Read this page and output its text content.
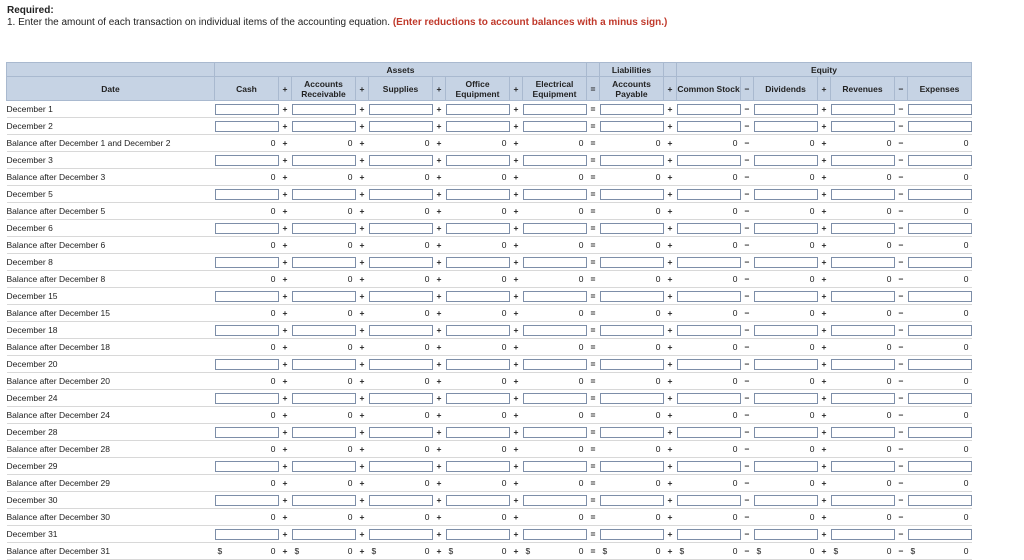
Required:
1. Enter the amount of each transaction on individual items of the accounting equation. (Enter reductions to account balances with a minus sign.)
	Assets										Liabilities		Equity						
Date	Cash	+	Accounts Receivable	+	Supplies	+	Office Equipment	+	Electrical Equipment	=	Accounts Payable	+	Common Stock	−	Dividends	+	Revenues	−	Expenses
December 1		+		+		+		+		=		+		−		+		−	

December 2		+		+		+		+		=		+		−		+		−	

Balance after December 1 and December 2	0	+	0	+	0	+	0	+	0	=	0	+	0	−	0	+	0	−	0

December 3		+		+		+		+		=		+		−		+		−	

Balance after December 3	0	+	0	+	0	+	0	+	0	=	0	+	0	−	0	+	0	−	0

December 5		+		+		+		+		=		+		−		+		−	

Balance after December 5	0	+	0	+	0	+	0	+	0	=	0	+	0	−	0	+	0	−	0

December 6		+		+		+		+		=		+		−		+		−	

Balance after December 6	0	+	0	+	0	+	0	+	0	=	0	+	0	−	0	+	0	−	0

December 8		+		+		+		+		=		+		−		+		−	

Balance after December 8	0	+	0	+	0	+	0	+	0	=	0	+	0	−	0	+	0	−	0

December 15		+		+		+		+		=		+		−		+		−	

Balance after December 15	0	+	0	+	0	+	0	+	0	=	0	+	0	−	0	+	0	−	0

December 18		+		+		+		+		=		+		−		+		−	

Balance after December 18	0	+	0	+	0	+	0	+	0	=	0	+	0	−	0	+	0	−	0

December 20		+		+		+		+		=		+		−		+		−	

Balance after December 20	0	+	0	+	0	+	0	+	0	=	0	+	0	−	0	+	0	−	0

December 24		+		+		+		+		=		+		−		+		−	

Balance after December 24	0	+	0	+	0	+	0	+	0	=	0	+	0	−	0	+	0	−	0

December 28		+		+		+		+		=		+		−		+		−	

Balance after December 28	0	+	0	+	0	+	0	+	0	=	0	+	0	−	0	+	0	−	0

December 29		+		+		+		+		=		+		−		+		−	

Balance after December 29	0	+	0	+	0	+	0	+	0	=	0	+	0	−	0	+	0	−	0

December 30		+		+		+		+		=		+		−		+		−	

Balance after December 30	0	+	0	+	0	+	0	+	0	=	0	+	0	−	0	+	0	−	0

December 31		+		+		+		+		=		+		−		+		−	

Balance after December 31	$ 0	+	$ 0	+	$ 0	+	$ 0	+	$ 0	=	$ 0	+	$ 0	−	$ 0	+	$ 0	−	$ 0
